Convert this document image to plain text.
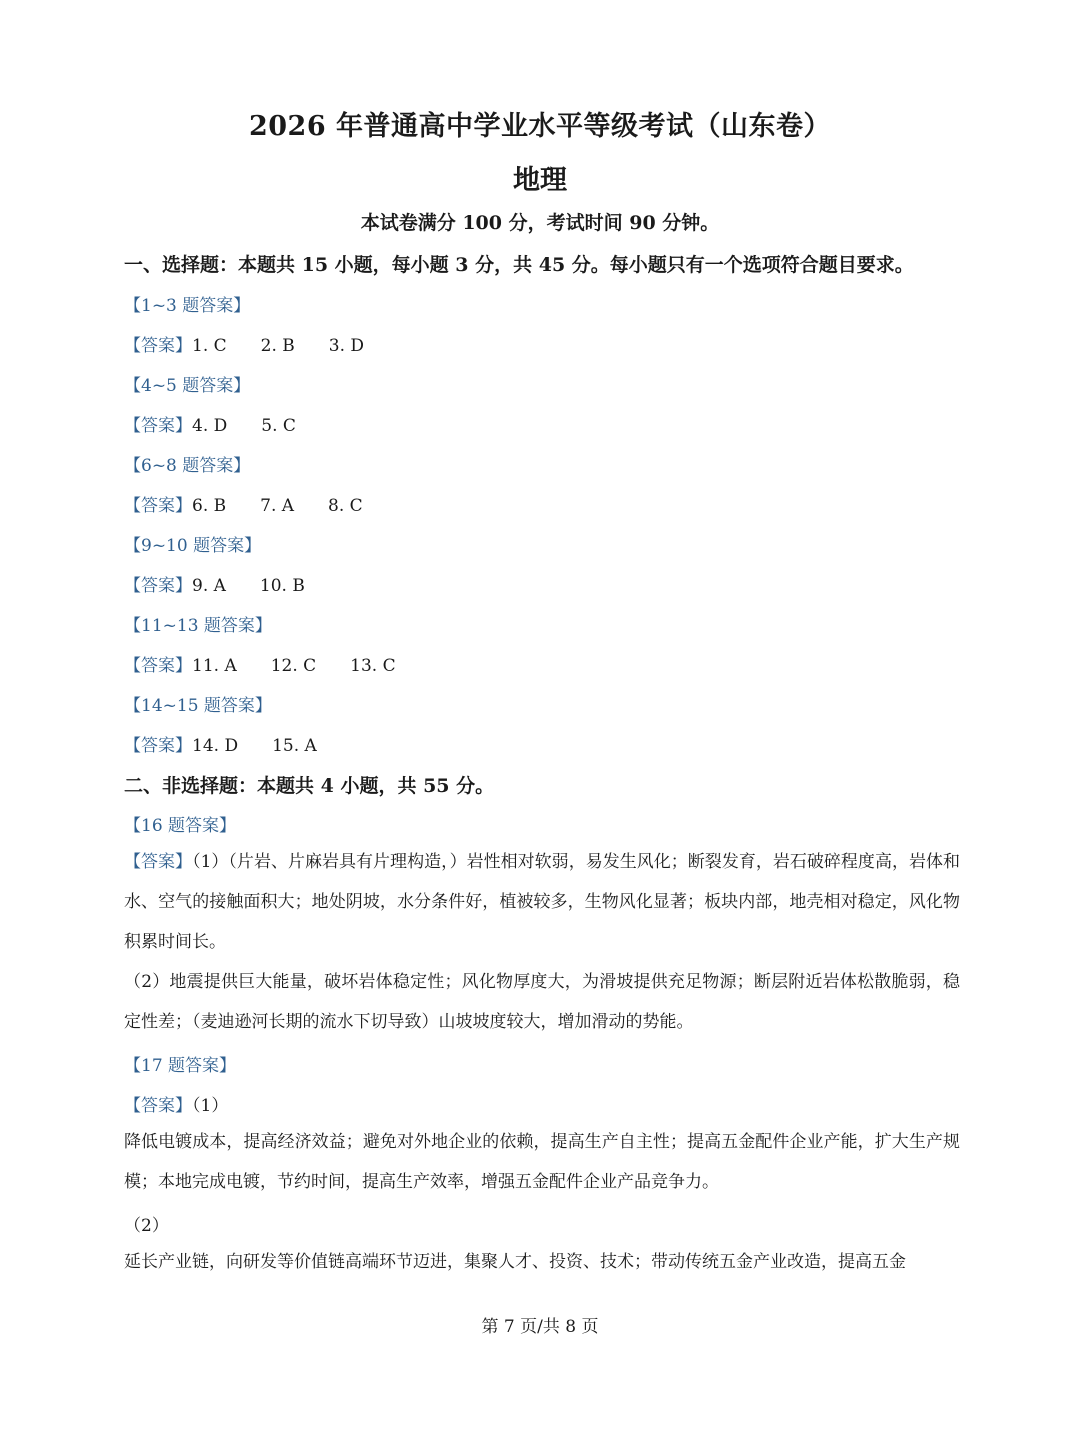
2026 年普通高中学业水平等级考试（山东卷）
地理
本试卷满分 100 分，考试时间 90 分钟。
一、选择题：本题共 15 小题，每小题 3 分，共 45 分。每小题只有一个选项符合题目要求。
【1~3 题答案】
【答案】1. C 2. B 3. D
【4~5 题答案】
【答案】4. D 5. C
【6~8 题答案】
【答案】6. B 7. A 8. C
【9~10 题答案】
【答案】9. A 10. B
【11~13 题答案】
【答案】11. A 12. C 13. C
【14~15 题答案】
【答案】14. D 15. A
二、非选择题：本题共 4 小题，共 55 分。
【16 题答案】
【答案】（1）（片岩、片麻岩具有片理构造，）岩性相对软弱，易发生风化；断裂发育，岩石破碎程度高，岩体和水、空气的接触面积大；地处阴坡，水分条件好，植被较多，生物风化显著；板块内部，地壳相对稳定，风化物积累时间长。
（2）地震提供巨大能量，破坏岩体稳定性；风化物厚度大，为滑坡提供充足物源；断层附近岩体松散脆弱，稳定性差；（麦迪逊河长期的流水下切导致）山坡坡度较大，增加滑动的势能。
【17 题答案】
【答案】（1）
降低电镀成本，提高经济效益；避免对外地企业的依赖，提高生产自主性；提高五金配件企业产能，扩大生产规模；本地完成电镀，节约时间，提高生产效率，增强五金配件企业产品竞争力。
（2）
延长产业链，向研发等价值链高端环节迈进，集聚人才、投资、技术；带动传统五金产业改造，提高五金
第 7 页/共 8 页
